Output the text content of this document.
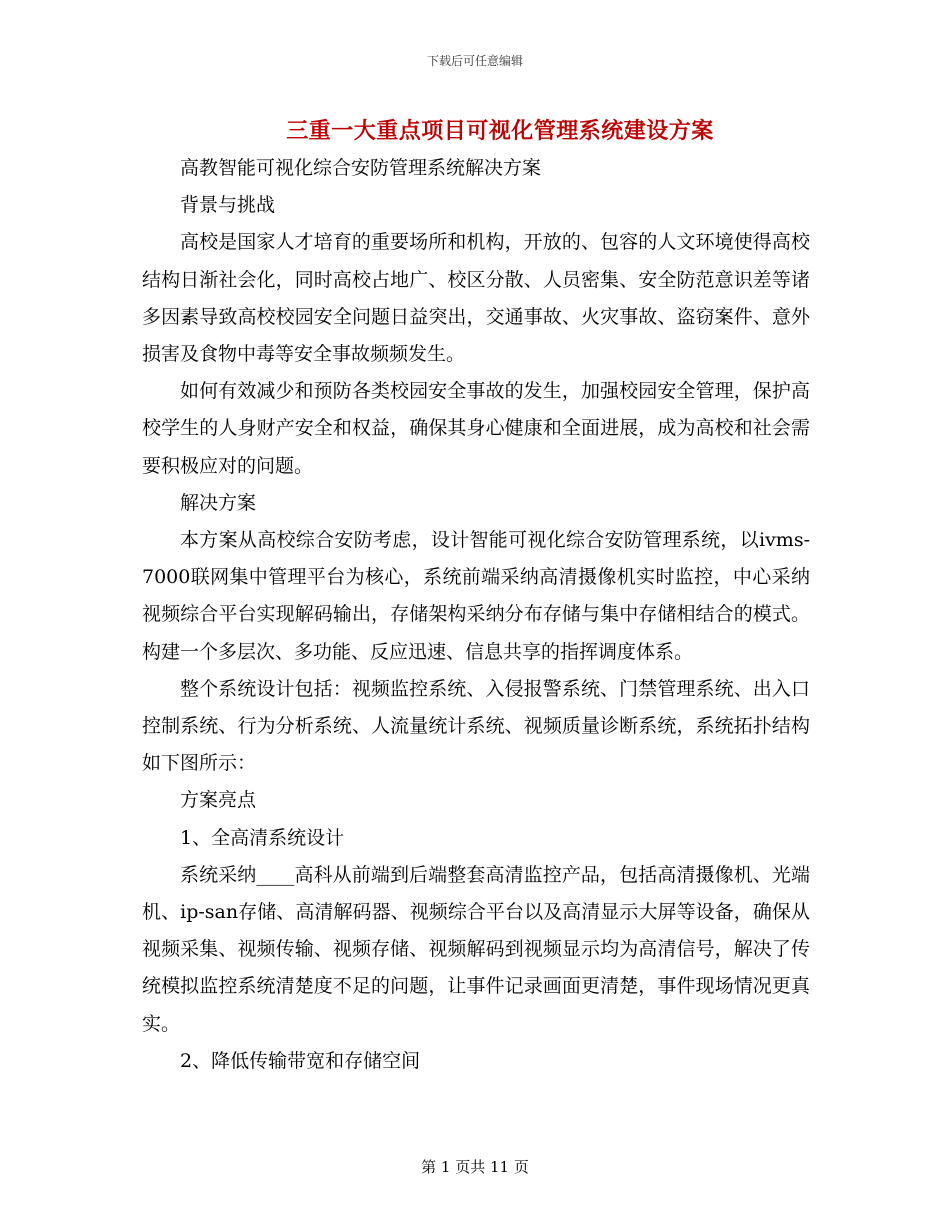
下载后可任意编辑
三重一大重点项目可视化管理系统建设方案

高教智能可视化综合安防管理系统解决方案

背景与挑战

高校是国家人才培育的重要场所和机构，开放的、包容的人文环境使得高校结构日渐社会化，同时高校占地广、校区分散、人员密集、安全防范意识差等诸多因素导致高校校园安全问题日益突出，交通事故、火灾事故、盗窃案件、意外损害及食物中毒等安全事故频频发生。

如何有效减少和预防各类校园安全事故的发生，加强校园安全管理，保护高校学生的人身财产安全和权益，确保其身心健康和全面进展，成为高校和社会需要积极应对的问题。

解决方案

本方案从高校综合安防考虑，设计智能可视化综合安防管理系统，以ivms-7000联网集中管理平台为核心，系统前端采纳高清摄像机实时监控，中心采纳视频综合平台实现解码输出，存储架构采纳分布存储与集中存储相结合的模式。构建一个多层次、多功能、反应迅速、信息共享的指挥调度体系。

整个系统设计包括：视频监控系统、入侵报警系统、门禁管理系统、出入口控制系统、行为分析系统、人流量统计系统、视频质量诊断系统，系统拓扑结构如下图所示：

方案亮点

1、全高清系统设计

系统采纳____高科从前端到后端整套高清监控产品，包括高清摄像机、光端机、ip-san存储、高清解码器、视频综合平台以及高清显示大屏等设备，确保从视频采集、视频传输、视频存储、视频解码到视频显示均为高清信号，解决了传统模拟监控系统清楚度不足的问题，让事件记录画面更清楚，事件现场情况更真实。

2、降低传输带宽和存储空间

第 1 页共 11 页
